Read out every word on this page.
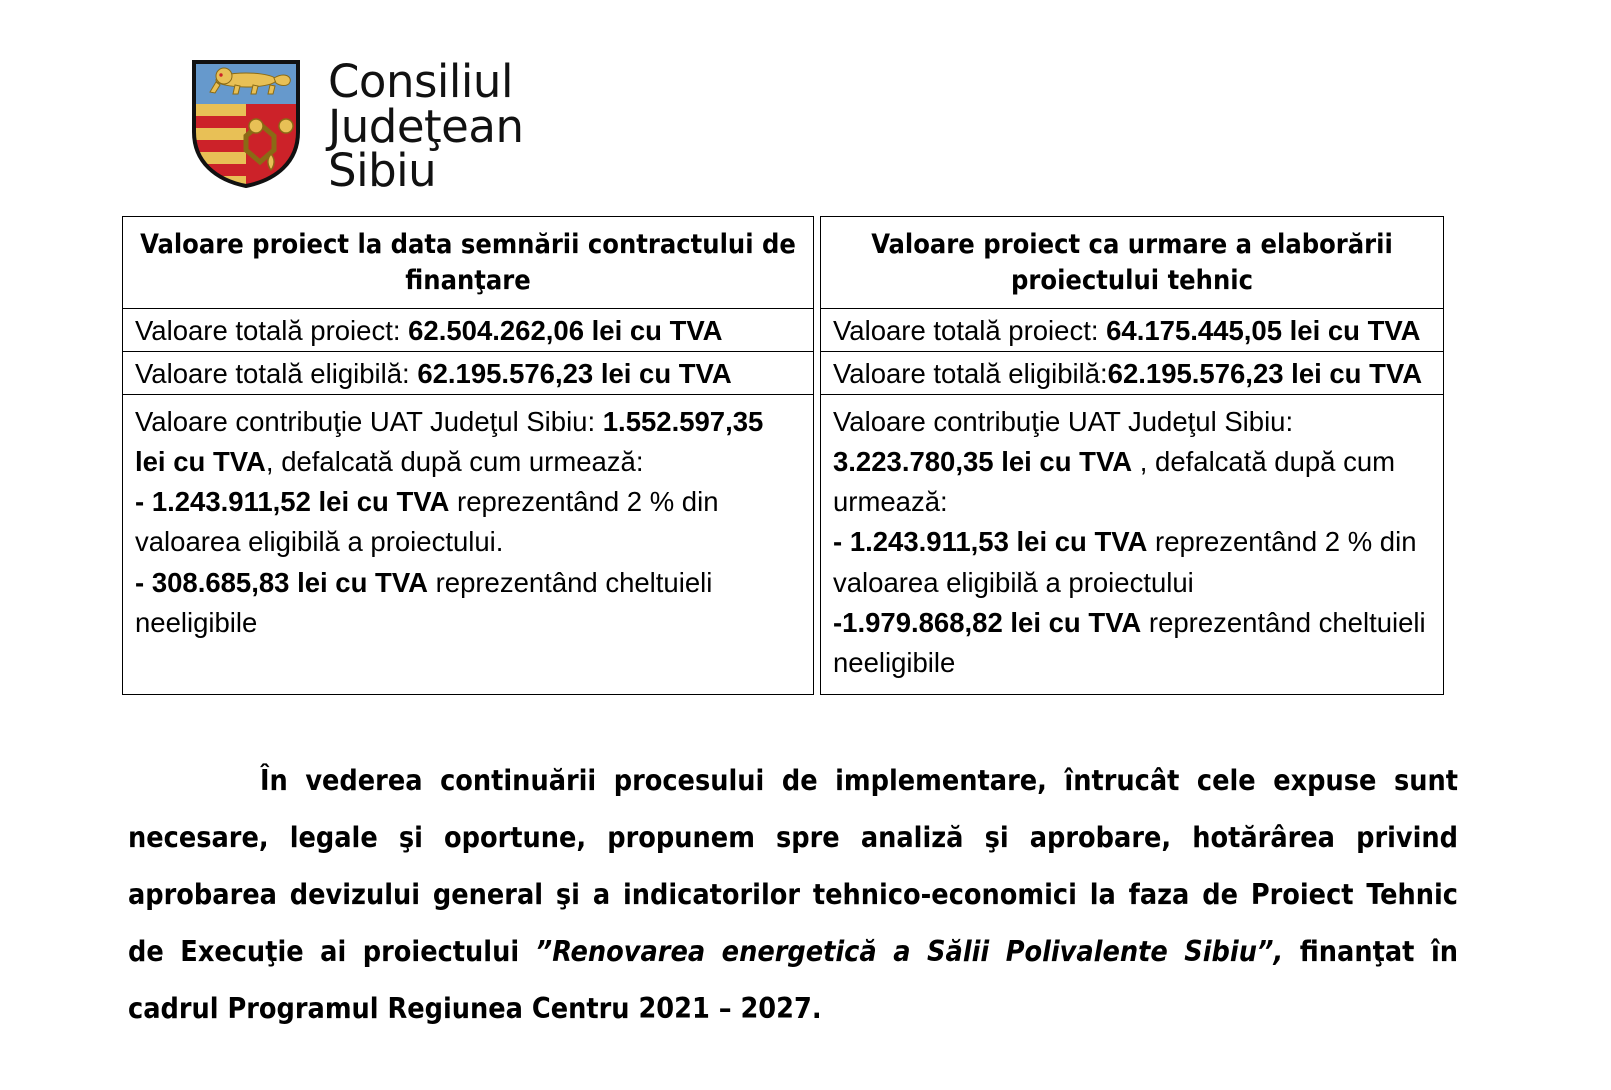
Consiliul
Judeţean
Sibiu
Valoare proiect la data semnării contractului de finanţare
Valoare totală proiect: 62.504.262,06 lei cu TVA
Valoare totală eligibilă: 62.195.576,23 lei cu TVA

Valoare contribuţie UAT Judeţul Sibiu: 1.552.597,35 lei cu TVA, defalcată după cum urmează:

- 1.243.911,52 lei cu TVA reprezentând 2 % din valoarea eligibilă a proiectului.

- 308.685,83 lei cu TVA reprezentând cheltuieli neeligibile

Valoare proiect ca urmare a elaborării proiectului tehnic
Valoare totală proiect: 64.175.445,05 lei cu TVA
Valoare totală eligibilă:62.195.576,23 lei cu TVA

Valoare contribuţie UAT Judeţul Sibiu: 3.223.780,35 lei cu TVA , defalcată după cum urmează:

- 1.243.911,53 lei cu TVA reprezentând 2 % din valoarea eligibilă a proiectului

-1.979.868,82 lei cu TVA reprezentând cheltuieli neeligibile

În vederea continuării procesului de implementare, întrucât cele expuse sunt necesare, legale şi oportune, propunem spre analiză şi aprobare, hotărârea privind aprobarea devizului general şi a indicatorilor tehnico-economici la faza de Proiect Tehnic de Execuţie ai proiectului ”Renovarea energetică a Sălii Polivalente Sibiu”, finanţat în cadrul Programul Regiunea Centru 2021 – 2027.
